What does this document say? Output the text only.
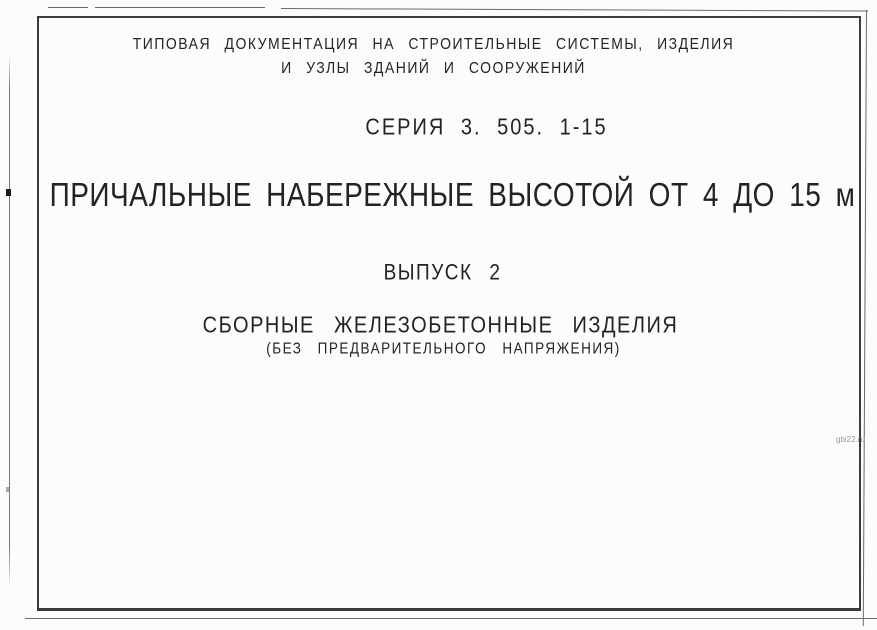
ТИПОВАЯ ДОКУМЕНТАЦИЯ НА СТРОИТЕЛЬНЫЕ СИСТЕМЫ, ИЗДЕЛИЯ
И УЗЛЫ ЗДАНИЙ И СООРУЖЕНИЙ
СЕРИЯ 3. 505. 1-15
ПРИЧАЛЬНЫЕ НАБЕРЕЖНЫЕ ВЫСОТОЙ ОТ 4 ДО 15 м
ВЫПУСК 2
СБОРНЫЕ ЖЕЛЕЗОБЕТОННЫЕ ИЗДЕЛИЯ
(БЕЗ ПРЕДВАРИТЕЛЬНОГО НАПРЯЖЕНИЯ)
gbi22.ru
